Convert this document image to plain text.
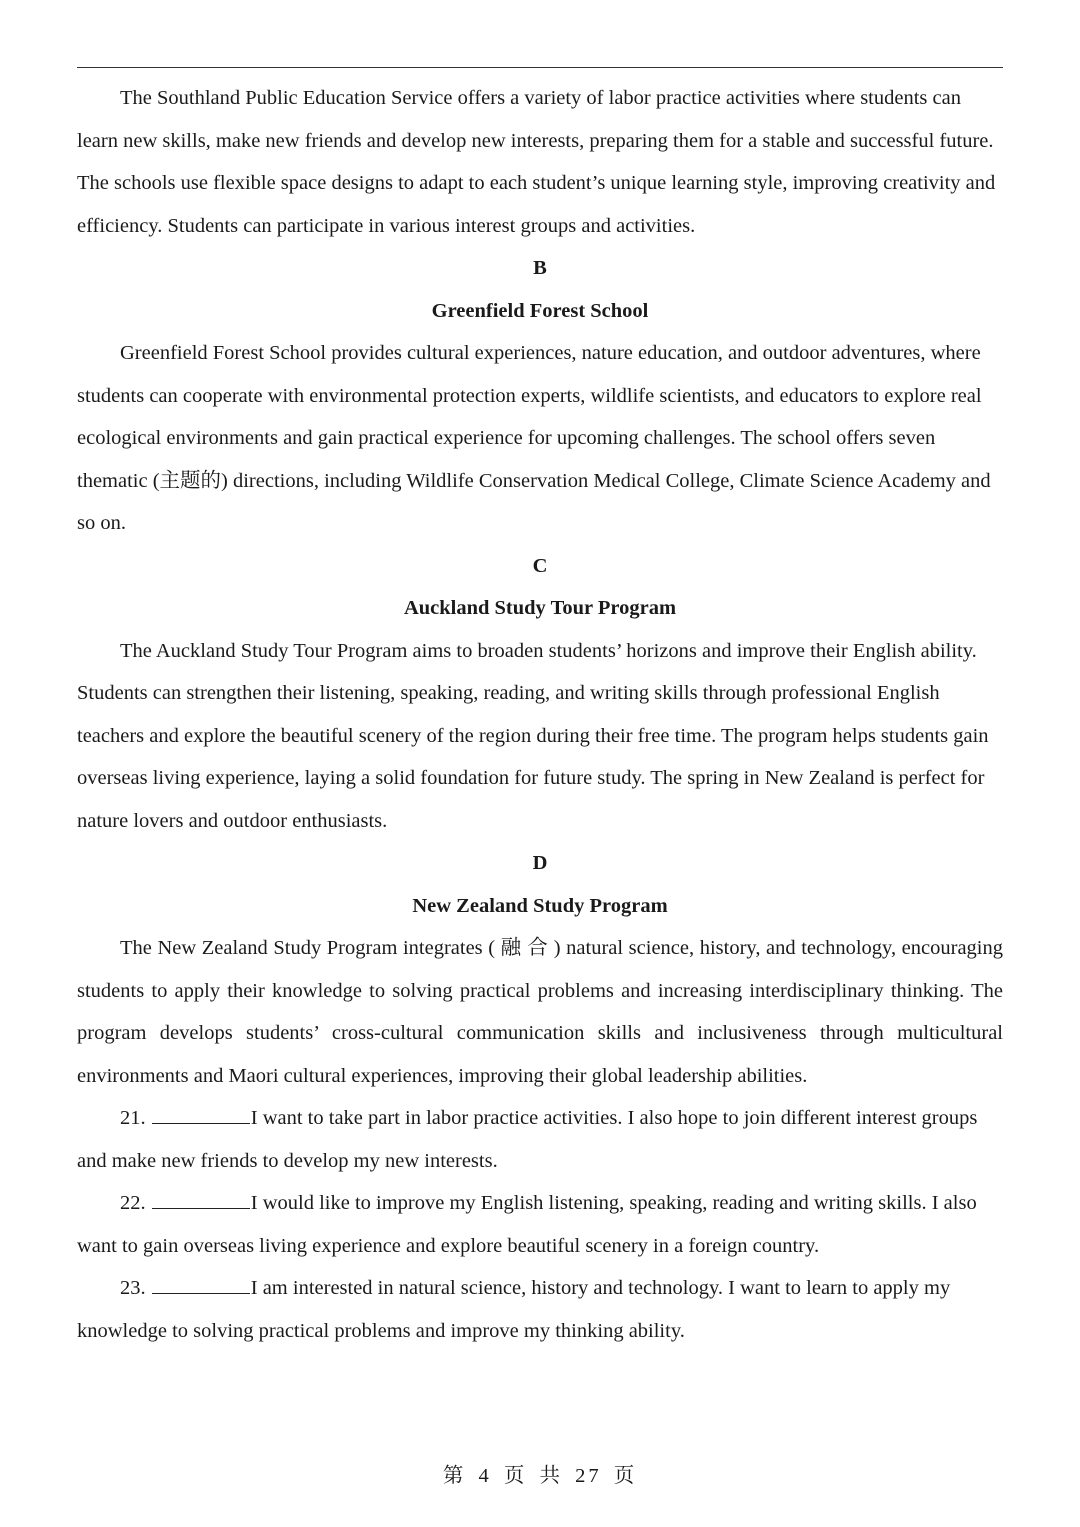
The Southland Public Education Service offers a variety of labor practice activities where students can learn new skills, make new friends and develop new interests, preparing them for a stable and successful future. The schools use flexible space designs to adapt to each student’s unique learning style, improving creativity and efficiency. Students can participate in various interest groups and activities.

B

Greenfield Forest School

Greenfield Forest School provides cultural experiences, nature education, and outdoor adventures, where students can cooperate with environmental protection experts, wildlife scientists, and educators to explore real ecological environments and gain practical experience for upcoming challenges. The school offers seven thematic (主题的) directions, including Wildlife Conservation Medical College, Climate Science Academy and so on.

C

Auckland Study Tour Program

The Auckland Study Tour Program aims to broaden students’ horizons and improve their English ability. Students can strengthen their listening, speaking, reading, and writing skills through professional English teachers and explore the beautiful scenery of the region during their free time. The program helps students gain overseas living experience, laying a solid foundation for future study. The spring in New Zealand is perfect for nature lovers and outdoor enthusiasts.

D

New Zealand Study Program

The New Zealand Study Program integrates ( 融 合 ) natural science, history, and technology, encouraging students to apply their knowledge to solving practical problems and increasing interdisciplinary thinking. The program develops students’ cross-cultural communication skills and inclusiveness through multicultural environments and Maori cultural experiences, improving their global leadership abilities.

21.	I want to take part in labor practice activities. I also hope to join different interest groups and make new friends to develop my new interests.

22.	I would like to improve my English listening, speaking, reading and writing skills. I also want to gain overseas living experience and explore beautiful scenery in a foreign country.

23.	I am interested in natural science, history and technology. I want to learn to apply my knowledge to solving practical problems and improve my thinking ability.

第 4 页 共 27 页
